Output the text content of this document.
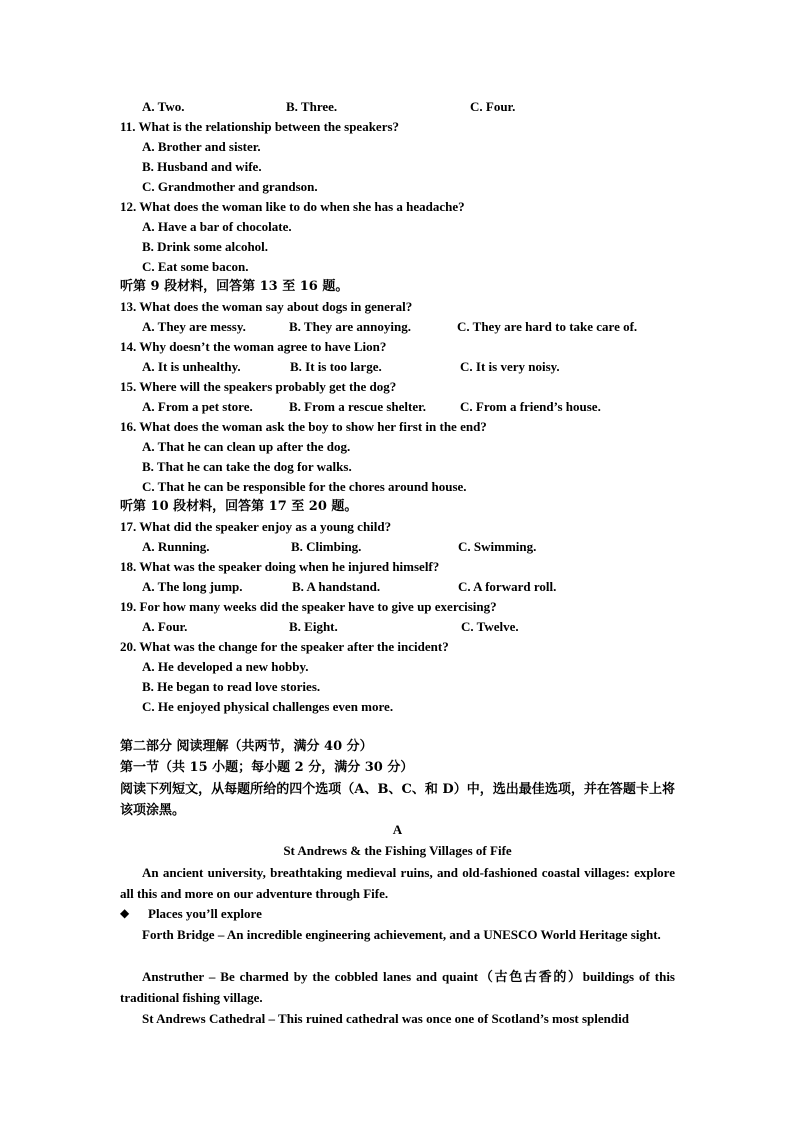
A. Two.	B. Three.	C. Four.
11. What is the relationship between the speakers?
A. Brother and sister.
B. Husband and wife.
C. Grandmother and grandson.
12. What does the woman like to do when she has a headache?
A. Have a bar of chocolate.
B. Drink some alcohol.
C. Eat some bacon.
听第 9 段材料，回答第 13 至 16 题。
13. What does the woman say about dogs in general?
A. They are messy.	B. They are annoying.	C. They are hard to take care of.
14. Why doesn’t the woman agree to have Lion?
A. It is unhealthy.	B. It is too large.	C. It is very noisy.
15. Where will the speakers probably get the dog?
A. From a pet store.	B. From a rescue shelter.	C. From a friend’s house.
16. What does the woman ask the boy to show her first in the end?
A. That he can clean up after the dog.
B. That he can take the dog for walks.
C. That he can be responsible for the chores around house.
听第 10 段材料，回答第 17 至 20 题。
17. What did the speaker enjoy as a young child?
A. Running.	B. Climbing.	C. Swimming.
18. What was the speaker doing when he injured himself?
A. The long jump.	B. A handstand.	C. A forward roll.
19. For how many weeks did the speaker have to give up exercising?
A. Four.	B. Eight.	C. Twelve.
20. What was the change for the speaker after the incident?
A. He developed a new hobby.
B. He began to read love stories.
C. He enjoyed physical challenges even more.
第二部分 阅读理解（共两节，满分 40 分）
第一节（共 15 小题；每小题 2 分，满分 30 分）
阅读下列短文，从每题所给的四个选项（A、B、C、和 D）中，选出最佳选项，并在答题卡上将该项涂黑。
A
St Andrews & the Fishing Villages of Fife
An ancient university, breathtaking medieval ruins, and old-fashioned coastal villages: explore all this and more on our adventure through Fife.
◆ Places you’ll explore
Forth Bridge – An incredible engineering achievement, and a UNESCO World Heritage sight.
Anstruther – Be charmed by the cobbled lanes and quaint（古色古香的）buildings of this traditional fishing village.
St Andrews Cathedral – This ruined cathedral was once one of Scotland’s most splendid
